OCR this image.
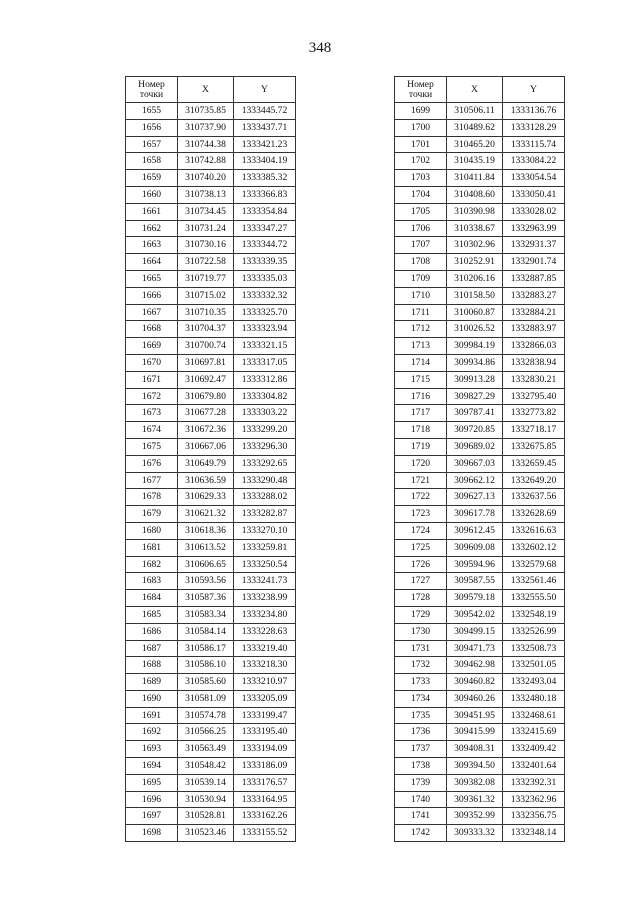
348
Номер
точки	X	Y
1655	310735.85	1333445.72
1656	310737.90	1333437.71
1657	310744.38	1333421.23
1658	310742.88	1333404.19
1659	310740.20	1333385.32
1660	310738.13	1333366.83
1661	310734.45	1333354.84
1662	310731.24	1333347.27
1663	310730.16	1333344.72
1664	310722.58	1333339.35
1665	310719.77	1333335.03
1666	310715.02	1333332.32
1667	310710.35	1333325.70
1668	310704.37	1333323.94
1669	310700.74	1333321.15
1670	310697.81	1333317.05
1671	310692.47	1333312.86
1672	310679.80	1333304.82
1673	310677.28	1333303.22
1674	310672.36	1333299.20
1675	310667.06	1333296.30
1676	310649.79	1333292.65
1677	310636.59	1333290.48
1678	310629.33	1333288.02
1679	310621.32	1333282.87
1680	310618.36	1333270.10
1681	310613.52	1333259.81
1682	310606.65	1333250.54
1683	310593.56	1333241.73
1684	310587.36	1333238.99
1685	310583.34	1333234.80
1686	310584.14	1333228.63
1687	310586.17	1333219.40
1688	310586.10	1333218.30
1689	310585.60	1333210.97
1690	310581.09	1333205.09
1691	310574.78	1333199.47
1692	310566.25	1333195.40
1693	310563.49	1333194.09
1694	310548.42	1333186.09
1695	310539.14	1333176.57
1696	310530.94	1333164.95
1697	310528.81	1333162.26
1698	310523.46	1333155.52
Номер
точки	X	Y
1699	310506.11	1333136.76
1700	310489.62	1333128.29
1701	310465.20	1333115.74
1702	310435.19	1333084.22
1703	310411.84	1333054.54
1704	310408.60	1333050.41
1705	310390.98	1333028.02
1706	310338.67	1332963.99
1707	310302.96	1332931.37
1708	310252.91	1332901.74
1709	310206.16	1332887.85
1710	310158.50	1332883.27
1711	310060.87	1332884.21
1712	310026.52	1332883.97
1713	309984.19	1332866.03
1714	309934.86	1332838.94
1715	309913.28	1332830.21
1716	309827.29	1332795.40
1717	309787.41	1332773.82
1718	309720.85	1332718.17
1719	309689.02	1332675.85
1720	309667.03	1332659.45
1721	309662.12	1332649.20
1722	309627.13	1332637.56
1723	309617.78	1332628.69
1724	309612.45	1332616.63
1725	309609.08	1332602.12
1726	309594.96	1332579.68
1727	309587.55	1332561.46
1728	309579.18	1332555.50
1729	309542.02	1332548.19
1730	309499.15	1332526.99
1731	309471.73	1332508.73
1732	309462.98	1332501.05
1733	309460.82	1332493.04
1734	309460.26	1332480.18
1735	309451.95	1332468.61
1736	309415.99	1332415.69
1737	309408.31	1332409.42
1738	309394.50	1332401.64
1739	309382.08	1332392.31
1740	309361.32	1332362.96
1741	309352.99	1332356.75
1742	309333.32	1332348.14
